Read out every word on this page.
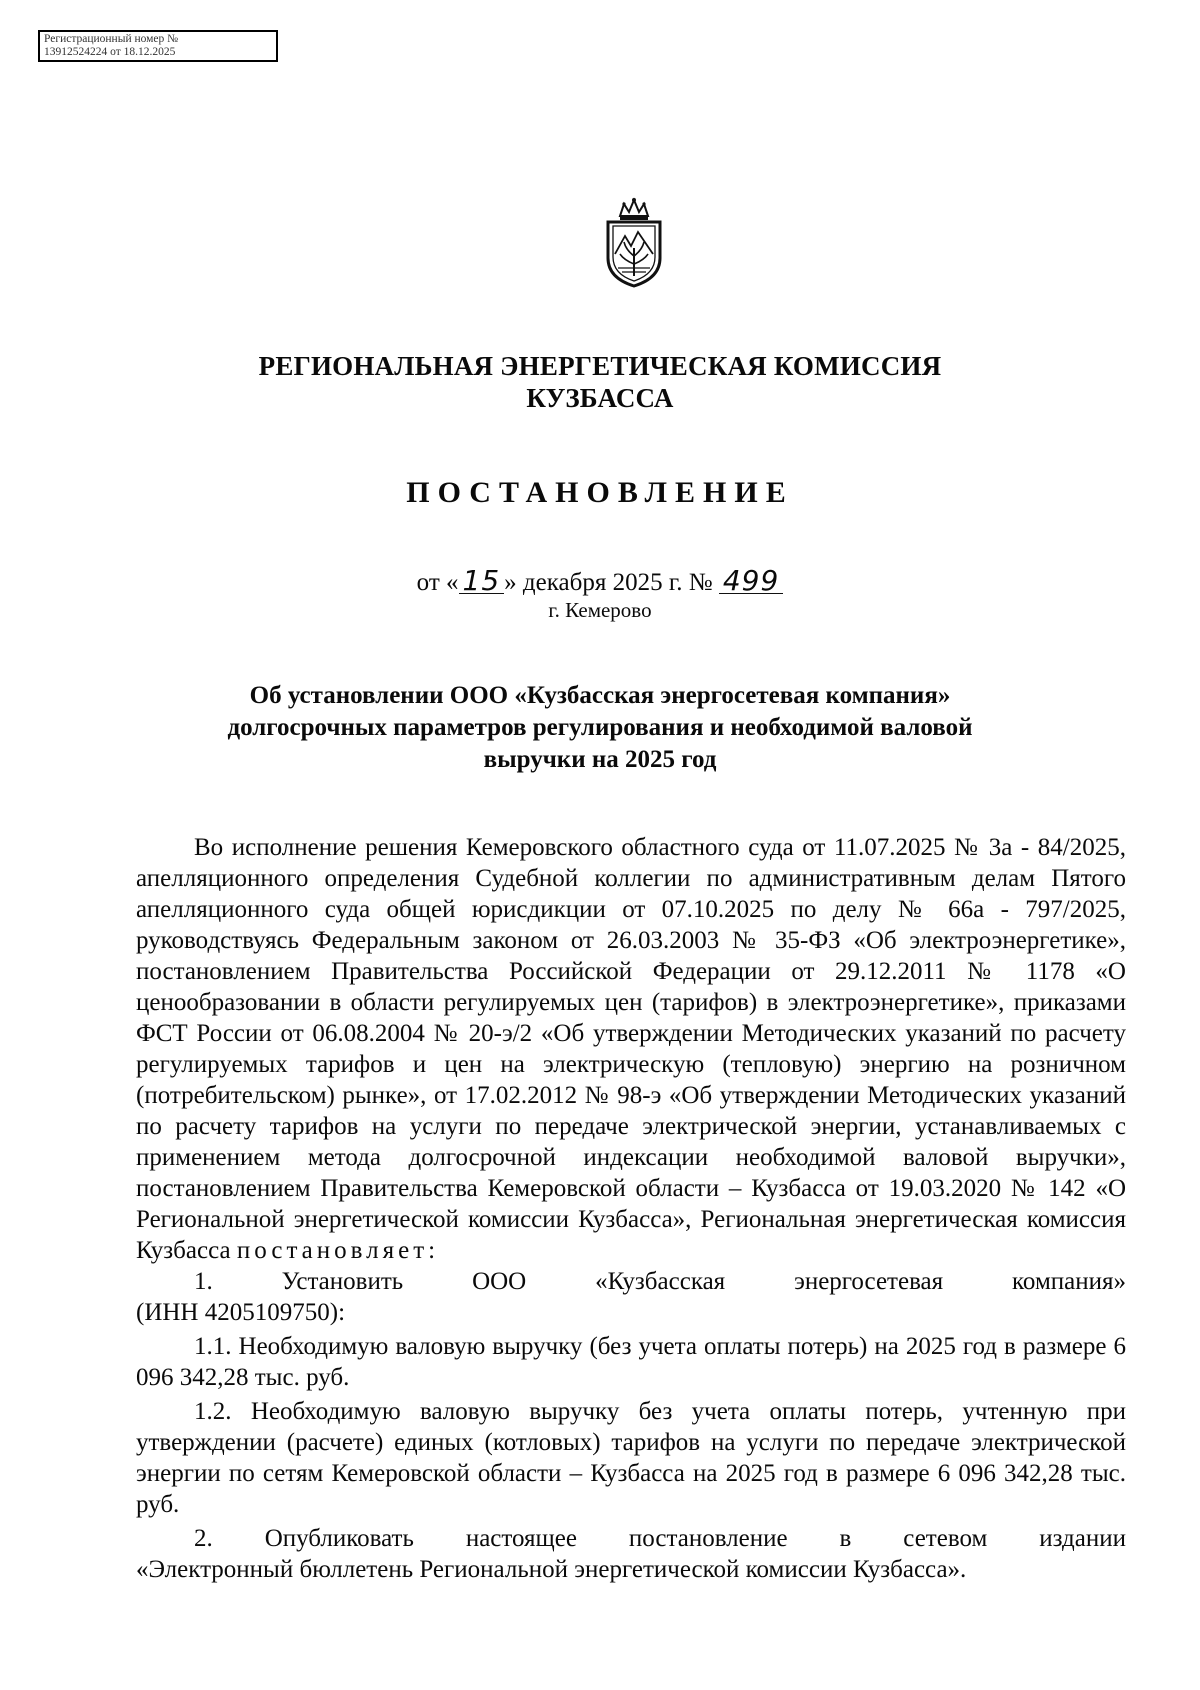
Регистрационный номер №
13912524224 от 18.12.2025
РЕГИОНАЛЬНАЯ ЭНЕРГЕТИЧЕСКАЯ КОМИССИЯ
КУЗБАССА
ПОСТАНОВЛЕНИЕ
от « 15 » декабря 2025 г. № 499
г. Кемерово
Об установлении ООО «Кузбасская энергосетевая компания»
долгосрочных параметров регулирования и необходимой валовой
выручки на 2025 год

Во исполнение решения Кемеровского областного суда от 11.07.2025 № 3а - 84/2025, апелляционного определения Судебной коллегии по административным делам Пятого апелляционного суда общей юрисдикции от 07.10.2025 по делу № 66а - 797/2025, руководствуясь Федеральным законом от 26.03.2003 № 35-ФЗ «Об электроэнергетике», постановлением Правительства Российской Федерации от 29.12.2011 № 1178 «О ценообразовании в области регулируемых цен (тарифов) в электроэнергетике», приказами ФСТ России от 06.08.2004 № 20-э/2 «Об утверждении Методических указаний по расчету регулируемых тарифов и цен на электрическую (тепловую) энергию на розничном (потребительском) рынке», от 17.02.2012 № 98-э «Об утверждении Методических указаний по расчету тарифов на услуги по передаче электрической энергии, устанавливаемых с применением метода долгосрочной индексации необходимой валовой выручки», постановлением Правительства Кемеровской области – Кузбасса от 19.03.2020 № 142 «О Региональной энергетической комиссии Кузбасса», Региональная энергетическая комиссия Кузбасса постановляет:

1. Установить ООО «Кузбасская энергосетевая компания»

(ИНН 4205109750):

1.1. Необходимую валовую выручку (без учета оплаты потерь) на 2025 год в размере 6 096 342,28 тыс. руб.

1.2. Необходимую валовую выручку без учета оплаты потерь, учтенную при утверждении (расчете) единых (котловых) тарифов на услуги по передаче электрической энергии по сетям Кемеровской области – Кузбасса на 2025 год в размере 6 096 342,28 тыс. руб.

2. Опубликовать настоящее постановление в сетевом издании

«Электронный бюллетень Региональной энергетической комиссии Кузбасса».
